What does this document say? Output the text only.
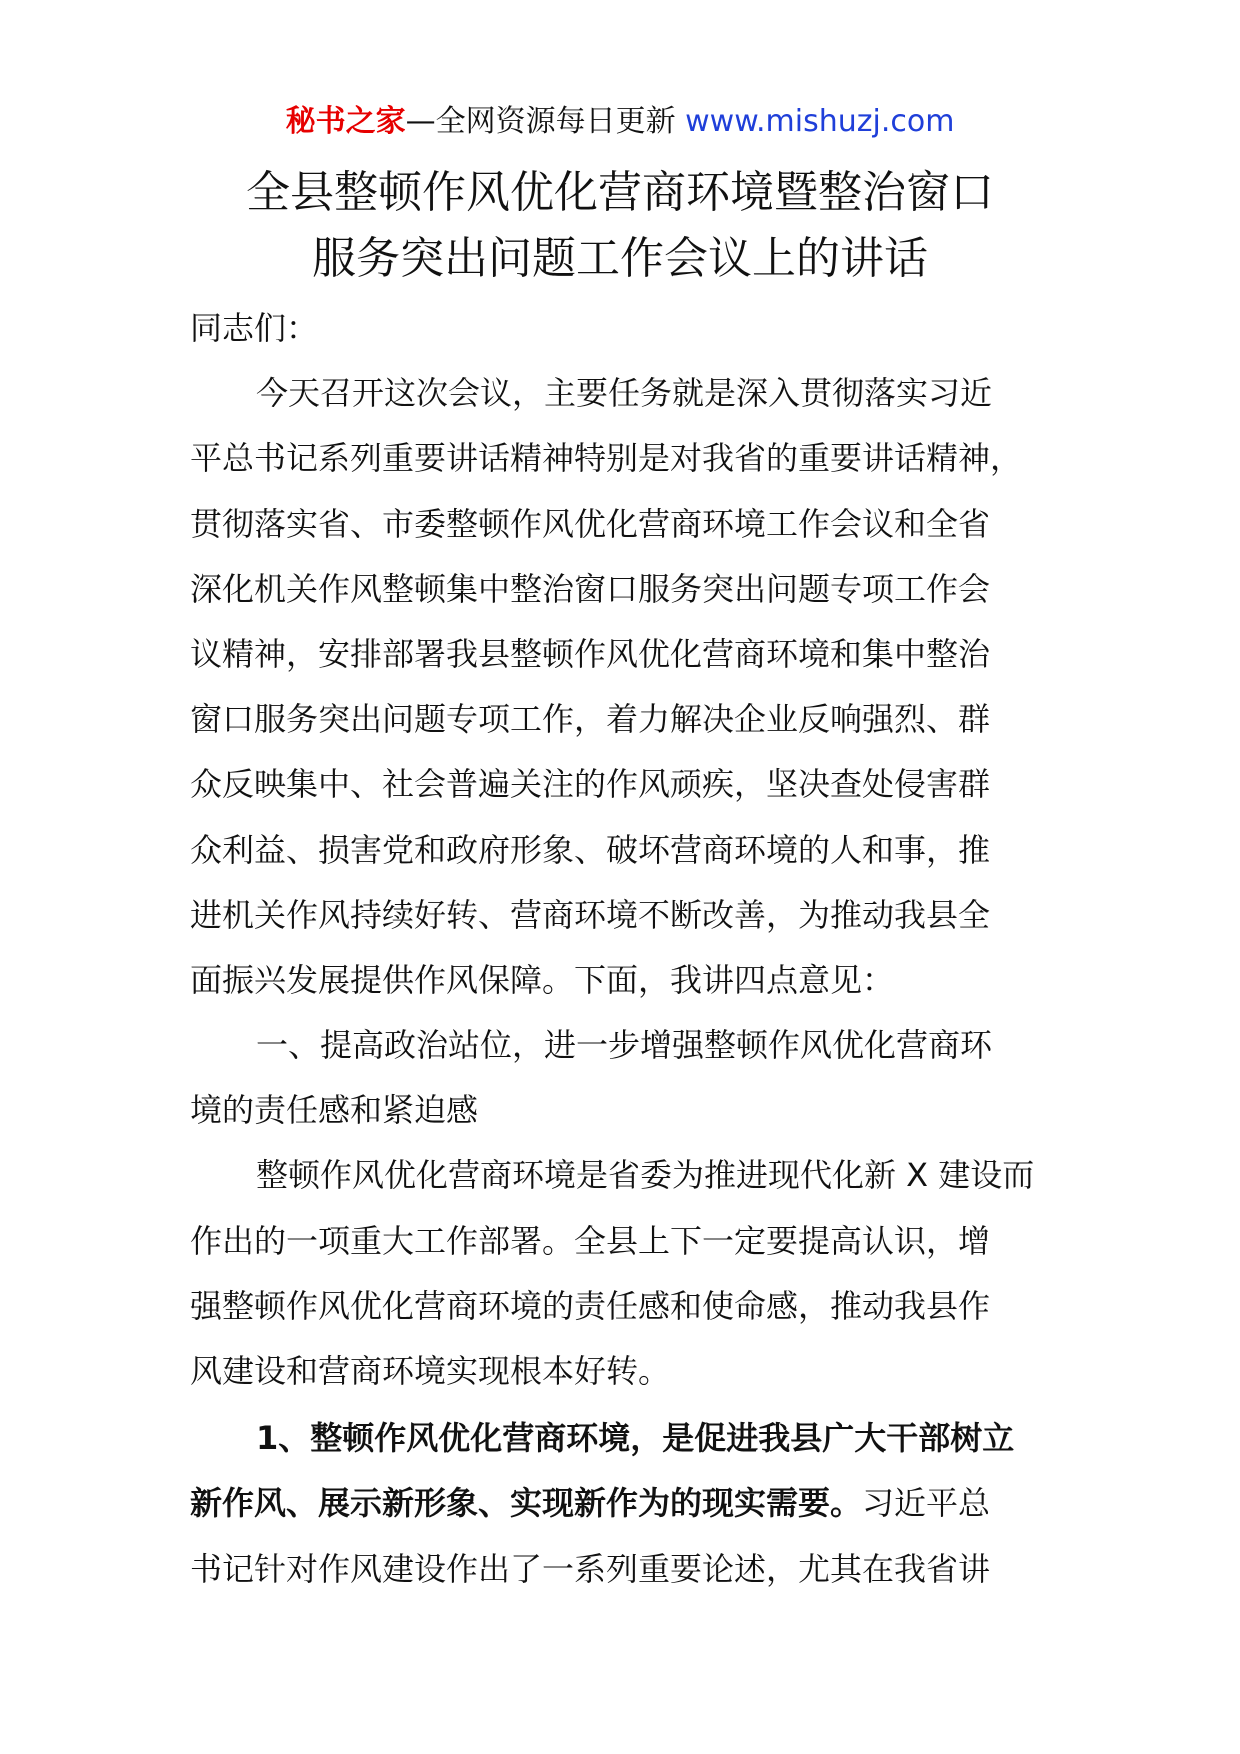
秘书之家—全网资源每日更新 www.mishuzj.com
全县整顿作风优化营商环境暨整治窗口
服务突出问题工作会议上的讲话
同志们：
今天召开这次会议，主要任务就是深入贯彻落实习近
平总书记系列重要讲话精神特别是对我省的重要讲话精神，
贯彻落实省、市委整顿作风优化营商环境工作会议和全省
深化机关作风整顿集中整治窗口服务突出问题专项工作会
议精神，安排部署我县整顿作风优化营商环境和集中整治
窗口服务突出问题专项工作，着力解决企业反响强烈、群
众反映集中、社会普遍关注的作风顽疾，坚决查处侵害群
众利益、损害党和政府形象、破坏营商环境的人和事，推
进机关作风持续好转、营商环境不断改善，为推动我县全
面振兴发展提供作风保障。下面，我讲四点意见：
一、提高政治站位，进一步增强整顿作风优化营商环
境的责任感和紧迫感
整顿作风优化营商环境是省委为推进现代化新 X 建设而
作出的一项重大工作部署。全县上下一定要提高认识，增
强整顿作风优化营商环境的责任感和使命感，推动我县作
风建设和营商环境实现根本好转。
1、整顿作风优化营商环境，是促进我县广大干部树立
新作风、展示新形象、实现新作为的现实需要。习近平总
书记针对作风建设作出了一系列重要论述，尤其在我省讲
